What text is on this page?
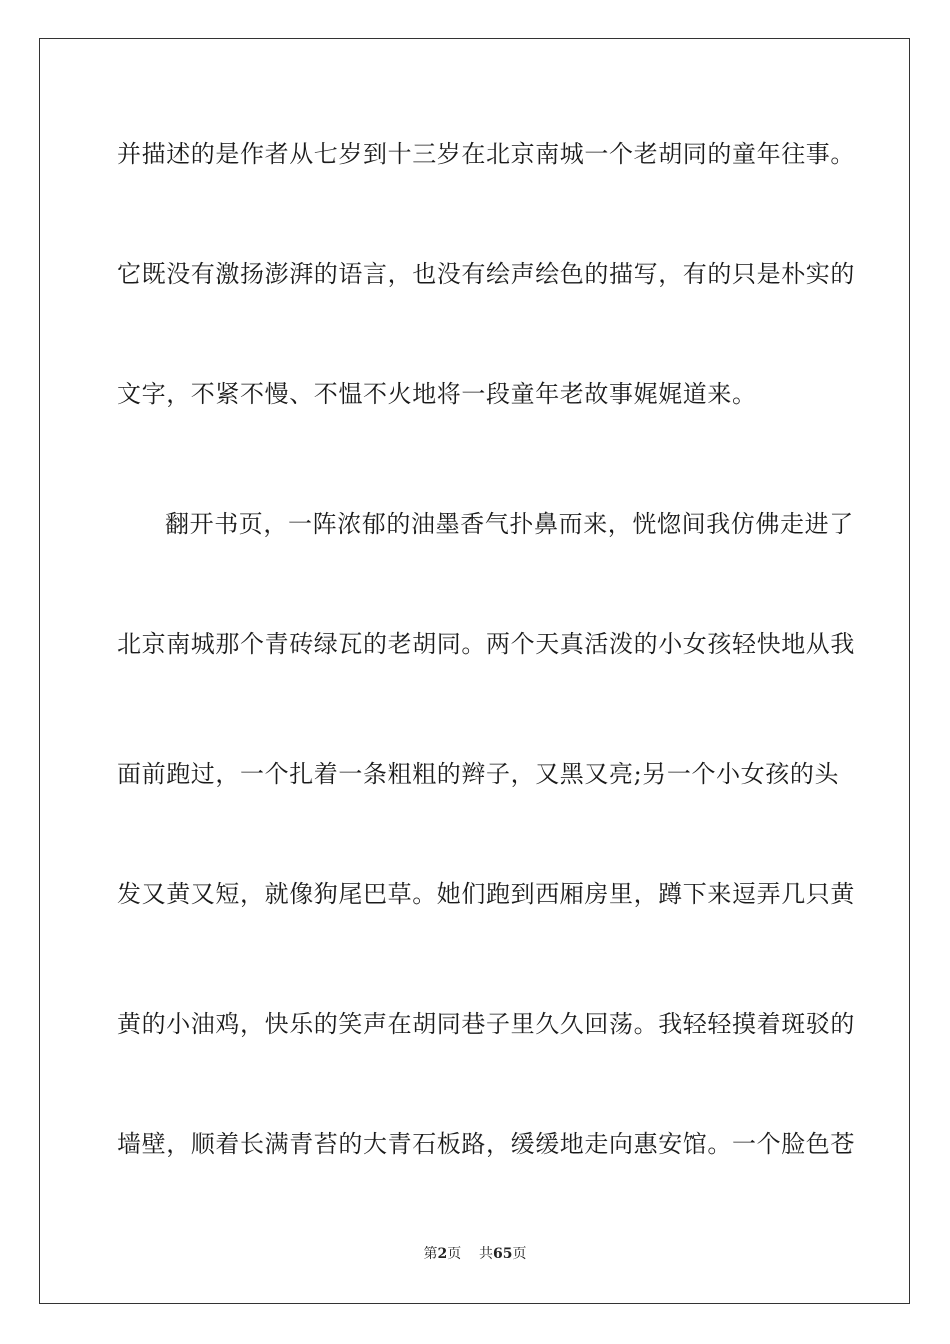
并描述的是作者从七岁到十三岁在北京南城一个老胡同的童年往事。
它既没有激扬澎湃的语言，也没有绘声绘色的描写，有的只是朴实的
文字，不紧不慢、不愠不火地将一段童年老故事娓娓道来。
翻开书页，一阵浓郁的油墨香气扑鼻而来，恍惚间我仿佛走进了
北京南城那个青砖绿瓦的老胡同。两个天真活泼的小女孩轻快地从我
面前跑过，一个扎着一条粗粗的辫子，又黑又亮;另一个小女孩的头
发又黄又短，就像狗尾巴草。她们跑到西厢房里，蹲下来逗弄几只黄
黄的小油鸡，快乐的笑声在胡同巷子里久久回荡。我轻轻摸着斑驳的
墙壁，顺着长满青苔的大青石板路，缓缓地走向惠安馆。一个脸色苍
第2页 共65页
